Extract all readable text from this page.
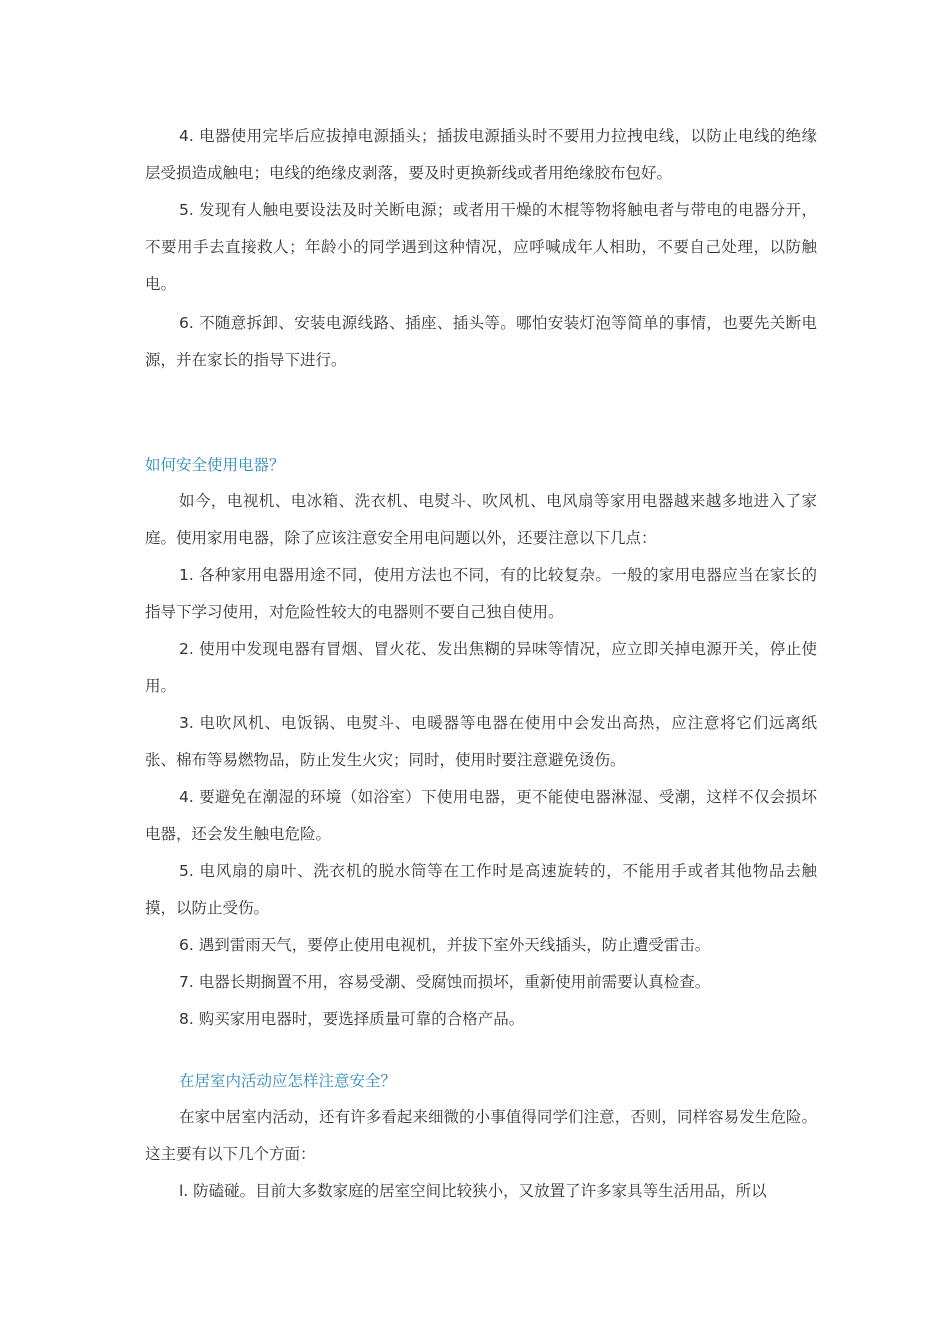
4. 电器使用完毕后应拔掉电源插头；插拔电源插头时不要用力拉拽电线，以防止电线的绝缘层受损造成触电；电线的绝缘皮剥落，要及时更换新线或者用绝缘胶布包好。

5. 发现有人触电要设法及时关断电源；或者用干燥的木棍等物将触电者与带电的电器分开，不要用手去直接救人；年龄小的同学遇到这种情况，应呼喊成年人相助，不要自己处理，以防触电。

6. 不随意拆卸、安装电源线路、插座、插头等。哪怕安装灯泡等简单的事情，也要先关断电源，并在家长的指导下进行。

如何安全使用电器？

如今，电视机、电冰箱、洗衣机、电熨斗、吹风机、电风扇等家用电器越来越多地进入了家庭。使用家用电器，除了应该注意安全用电问题以外，还要注意以下几点：

1. 各种家用电器用途不同，使用方法也不同，有的比较复杂。一般的家用电器应当在家长的指导下学习使用，对危险性较大的电器则不要自己独自使用。

2. 使用中发现电器有冒烟、冒火花、发出焦糊的异味等情况，应立即关掉电源开关，停止使用。

3. 电吹风机、电饭锅、电熨斗、电暖器等电器在使用中会发出高热，应注意将它们远离纸张、棉布等易燃物品，防止发生火灾；同时，使用时要注意避免烫伤。

4. 要避免在潮湿的环境（如浴室）下使用电器，更不能使电器淋湿、受潮，这样不仅会损坏电器，还会发生触电危险。

5. 电风扇的扇叶、洗衣机的脱水筒等在工作时是高速旋转的，不能用手或者其他物品去触摸，以防止受伤。

6. 遇到雷雨天气，要停止使用电视机，并拔下室外天线插头，防止遭受雷击。

7. 电器长期搁置不用，容易受潮、受腐蚀而损坏，重新使用前需要认真检查。

8. 购买家用电器时，要选择质量可靠的合格产品。

在居室内活动应怎样注意安全？

在家中居室内活动，还有许多看起来细微的小事值得同学们注意，否则，同样容易发生危险。这主要有以下几个方面：

l. 防磕碰。目前大多数家庭的居室空间比较狭小，又放置了许多家具等生活用品，所以
